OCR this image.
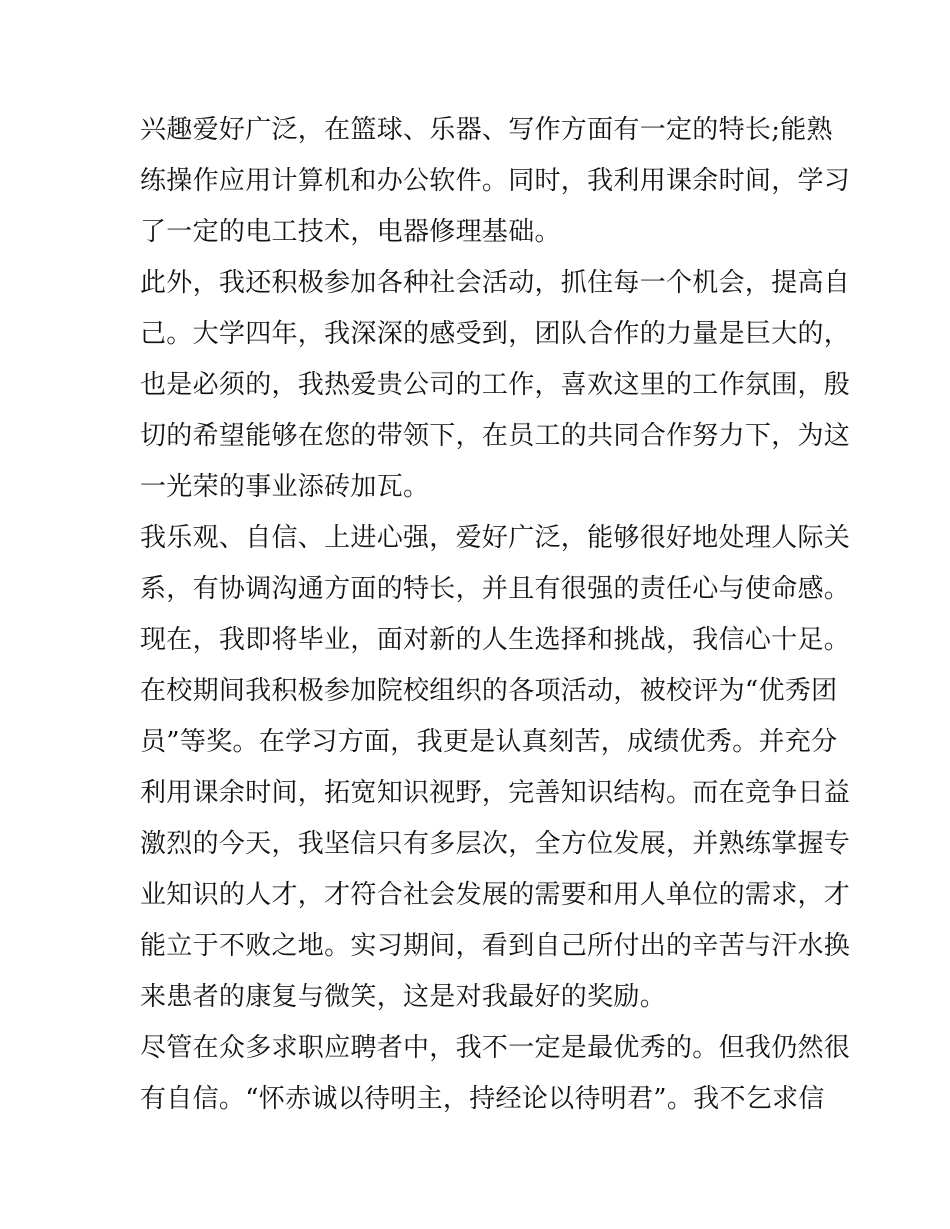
兴趣爱好广泛，在篮球、乐器、写作方面有一定的特长;能熟
练操作应用计算机和办公软件。同时，我利用课余时间，学习
了一定的电工技术，电器修理基础。
此外，我还积极参加各种社会活动，抓住每一个机会，提高自
己。大学四年，我深深的感受到，团队合作的力量是巨大的，
也是必须的，我热爱贵公司的工作，喜欢这里的工作氛围，殷
切的希望能够在您的带领下，在员工的共同合作努力下，为这
一光荣的事业添砖加瓦。
我乐观、自信、上进心强，爱好广泛，能够很好地处理人际关
系，有协调沟通方面的特长，并且有很强的责任心与使命感。
现在，我即将毕业，面对新的人生选择和挑战，我信心十足。
在校期间我积极参加院校组织的各项活动，被校评为“优秀团
员”等奖。在学习方面，我更是认真刻苦，成绩优秀。并充分
利用课余时间，拓宽知识视野，完善知识结构。而在竞争日益
激烈的今天，我坚信只有多层次，全方位发展，并熟练掌握专
业知识的人才，才符合社会发展的需要和用人单位的需求，才
能立于不败之地。实习期间，看到自己所付出的辛苦与汗水换
来患者的康复与微笑，这是对我最好的奖励。
尽管在众多求职应聘者中，我不一定是最优秀的。但我仍然很
有自信。“怀赤诚以待明主，持经论以待明君”。我不乞求信
